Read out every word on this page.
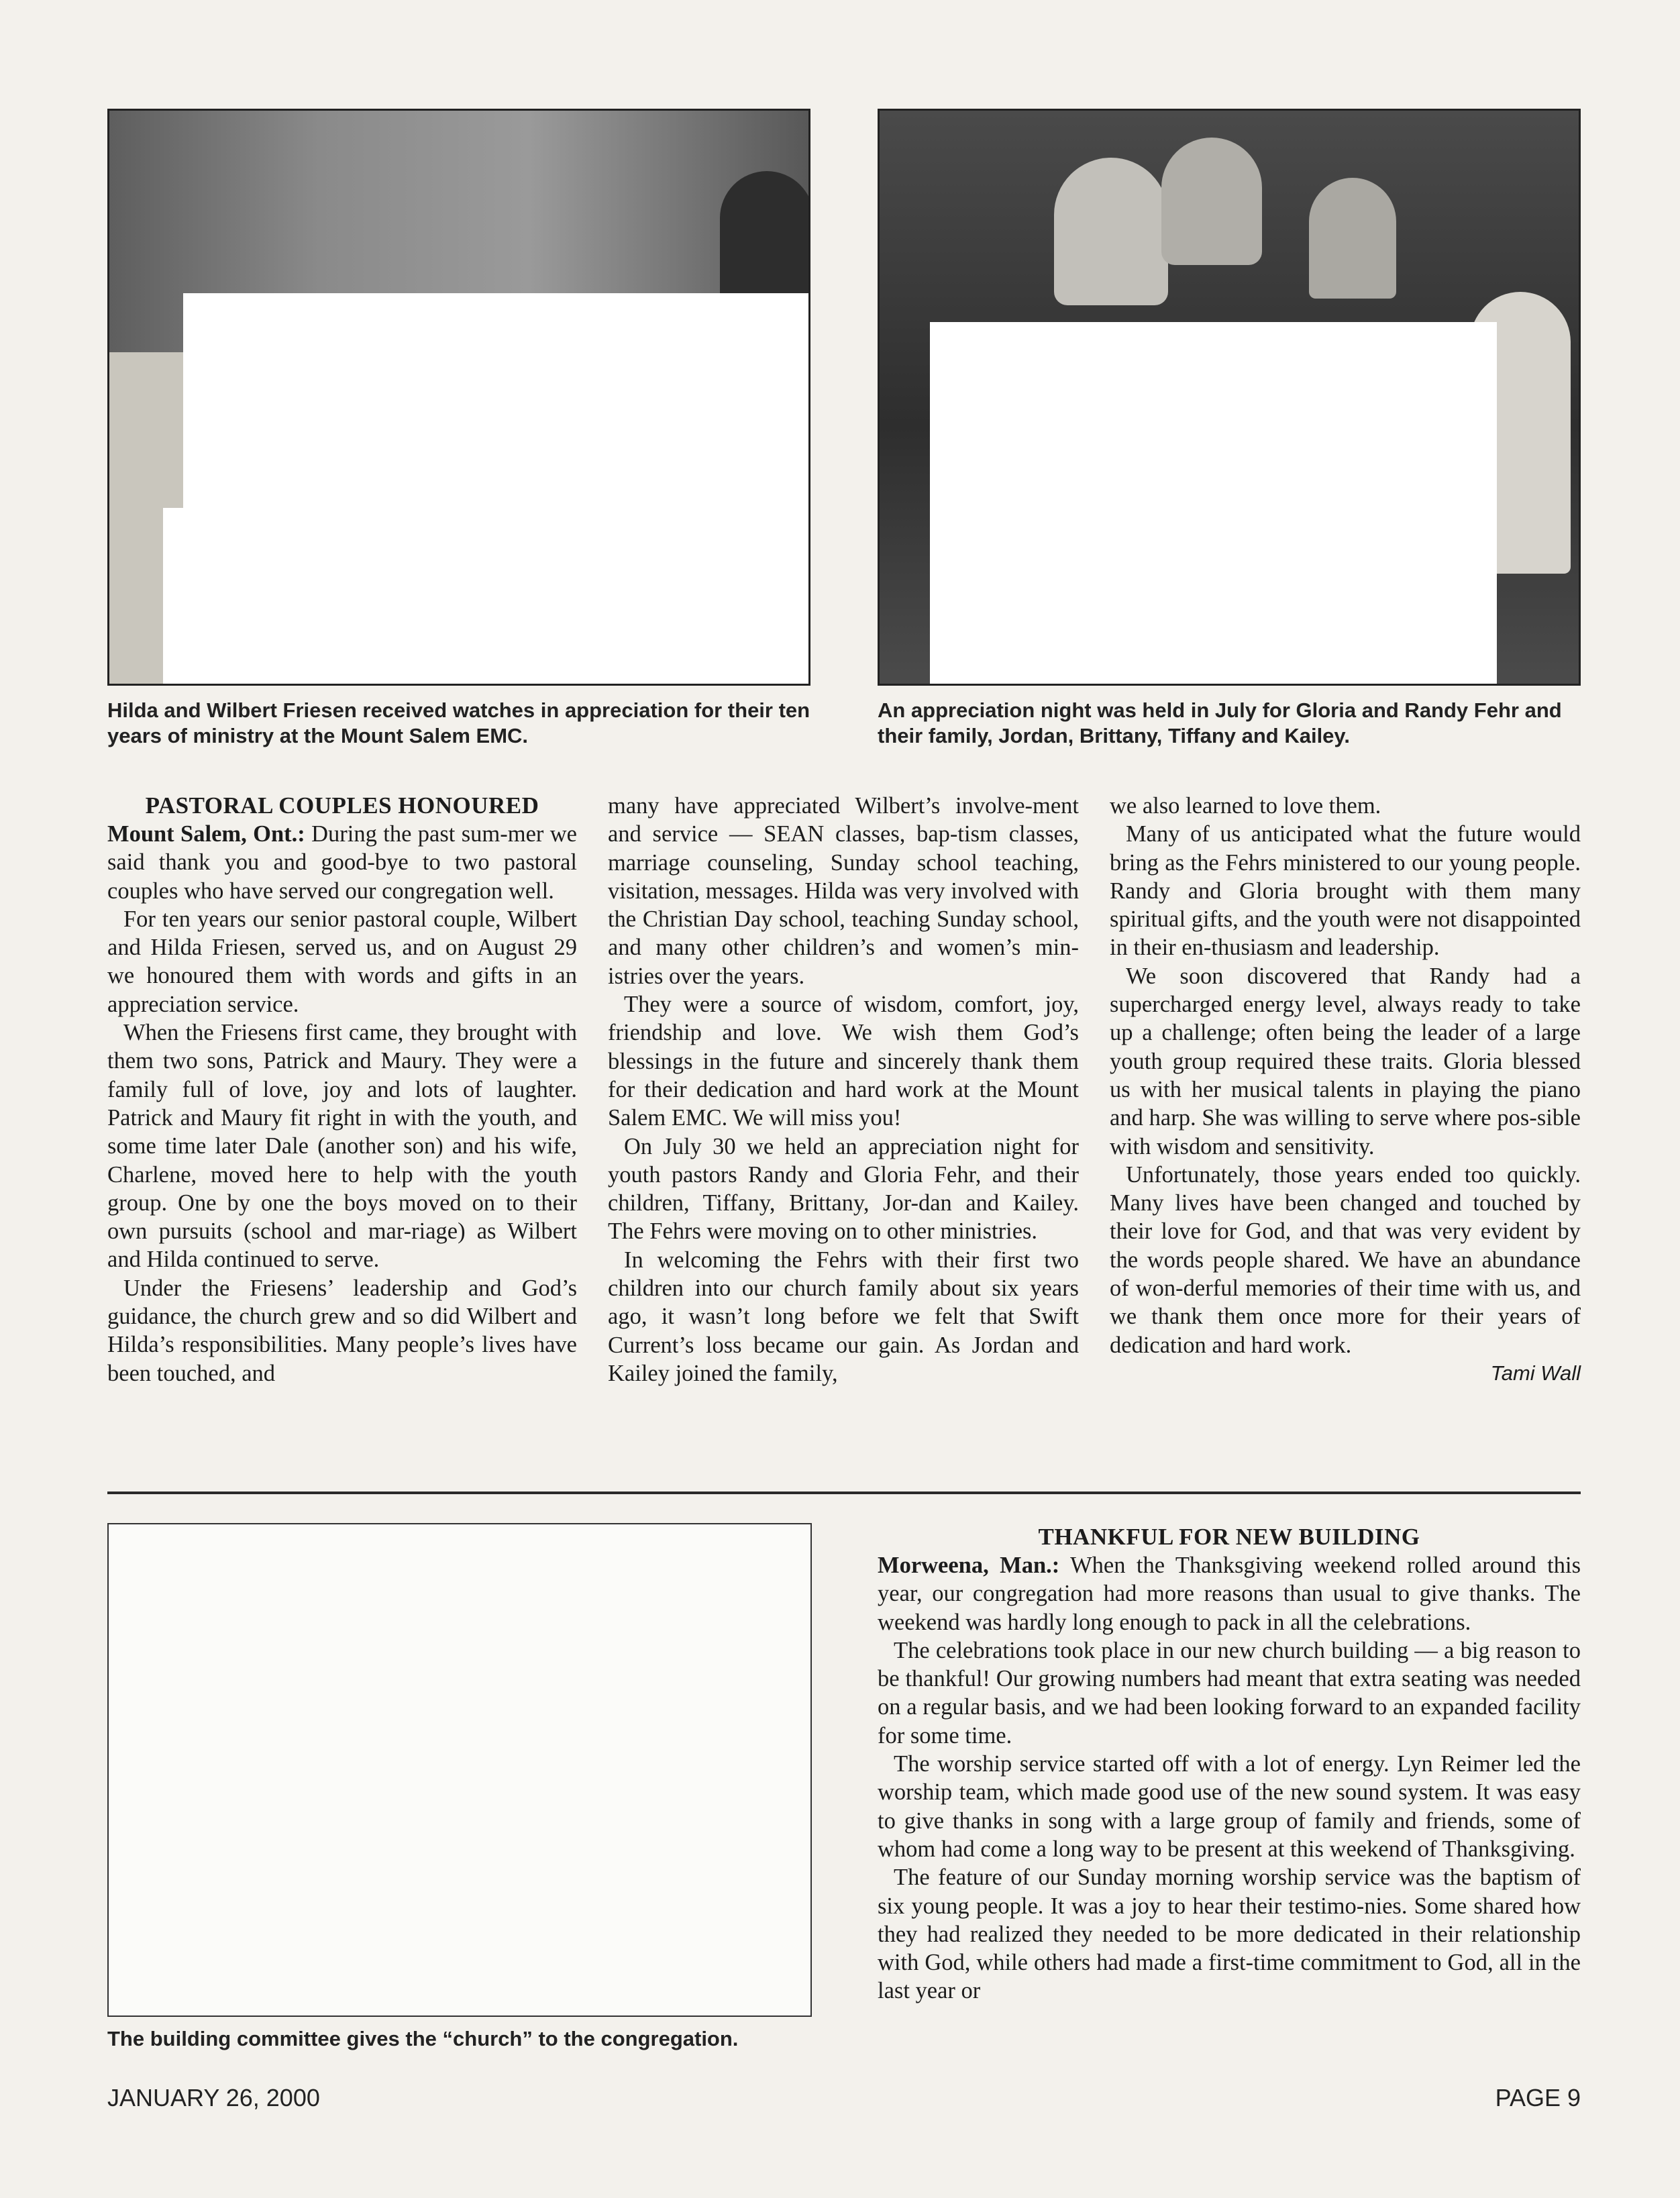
Hilda and Wilbert Friesen received watches in appreciation for their ten years of ministry at the Mount Salem EMC.

An appreciation night was held in July for Gloria and Randy Fehr and their family, Jordan, Brittany, Tiffany and Kailey.

PASTORAL COUPLES HONOURED

Mount Salem, Ont.: During the past sum-mer we said thank you and good-bye to two pastoral couples who have served our congregation well.

For ten years our senior pastoral couple, Wilbert and Hilda Friesen, served us, and on August 29 we honoured them with words and gifts in an appreciation service.

When the Friesens first came, they brought with them two sons, Patrick and Maury. They were a family full of love, joy and lots of laughter. Patrick and Maury fit right in with the youth, and some time later Dale (another son) and his wife, Charlene, moved here to help with the youth group. One by one the boys moved on to their own pursuits (school and mar-riage) as Wilbert and Hilda continued to serve.

Under the Friesens’ leadership and God’s guidance, the church grew and so did Wilbert and Hilda’s responsibilities. Many people’s lives have been touched, and

many have appreciated Wilbert’s involve-ment and service — SEAN classes, bap-tism classes, marriage counseling, Sunday school teaching, visitation, messages. Hilda was very involved with the Christian Day school, teaching Sunday school, and many other children’s and women’s min-istries over the years.

They were a source of wisdom, comfort, joy, friendship and love. We wish them God’s blessings in the future and sincerely thank them for their dedication and hard work at the Mount Salem EMC. We will miss you!

On July 30 we held an appreciation night for youth pastors Randy and Gloria Fehr, and their children, Tiffany, Brittany, Jor-dan and Kailey. The Fehrs were moving on to other ministries.

In welcoming the Fehrs with their first two children into our church family about six years ago, it wasn’t long before we felt that Swift Current’s loss became our gain. As Jordan and Kailey joined the family,

we also learned to love them.

Many of us anticipated what the future would bring as the Fehrs ministered to our young people. Randy and Gloria brought with them many spiritual gifts, and the youth were not disappointed in their en-thusiasm and leadership.

We soon discovered that Randy had a supercharged energy level, always ready to take up a challenge; often being the leader of a large youth group required these traits. Gloria blessed us with her musical talents in playing the piano and harp. She was willing to serve where pos-sible with wisdom and sensitivity.

Unfortunately, those years ended too quickly. Many lives have been changed and touched by their love for God, and that was very evident by the words people shared. We have an abundance of won-derful memories of their time with us, and we thank them once more for their years of dedication and hard work.

Tami Wall

The building committee gives the “church” to the congregation.

THANKFUL FOR NEW BUILDING

Morweena, Man.: When the Thanksgiving weekend rolled around this year, our congregation had more reasons than usual to give thanks. The weekend was hardly long enough to pack in all the celebrations.

The celebrations took place in our new church building — a big reason to be thankful! Our growing numbers had meant that extra seating was needed on a regular basis, and we had been looking forward to an expanded facility for some time.

The worship service started off with a lot of energy. Lyn Reimer led the worship team, which made good use of the new sound system. It was easy to give thanks in song with a large group of family and friends, some of whom had come a long way to be present at this weekend of Thanksgiving.

The feature of our Sunday morning worship service was the baptism of six young people. It was a joy to hear their testimo-nies. Some shared how they had realized they needed to be more dedicated in their relationship with God, while others had made a first-time commitment to God, all in the last year or

JANUARY 26, 2000	PAGE 9
